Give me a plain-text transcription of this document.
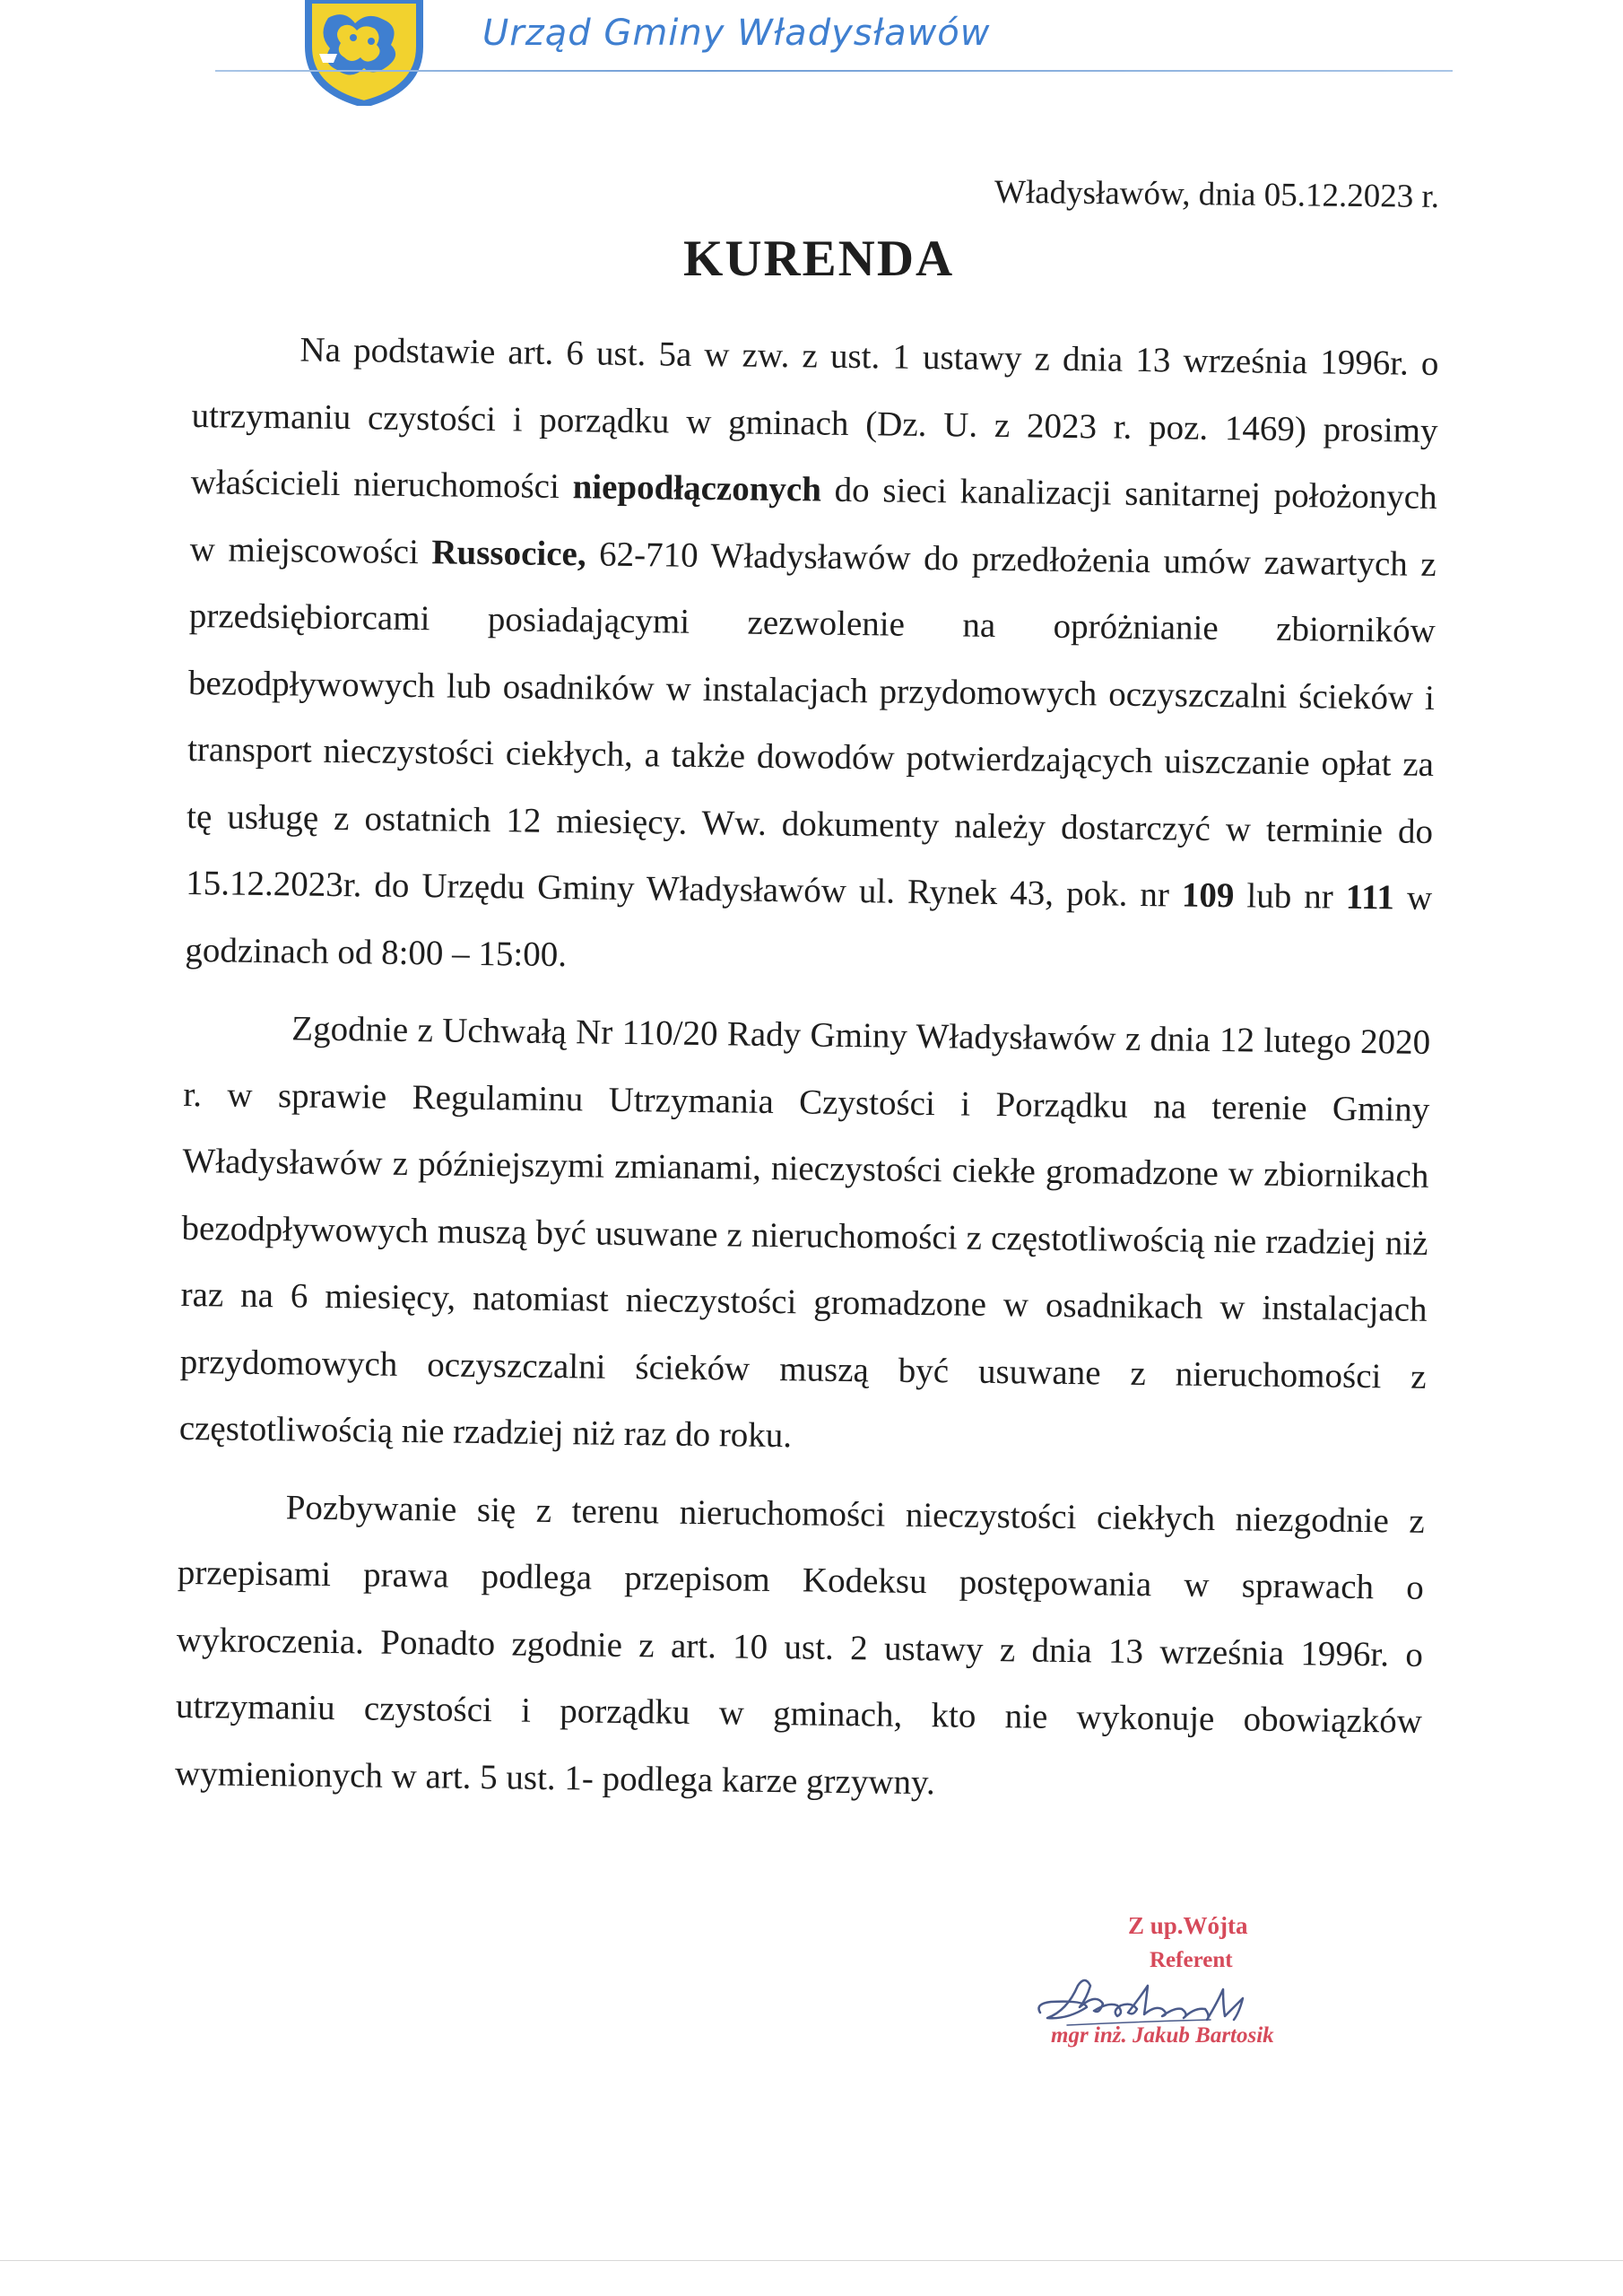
Urząd Gminy Władysławów
Władysławów, dnia 05.12.2023 r.
KURENDA

Na podstawie art. 6 ust. 5a w zw. z ust. 1 ustawy z dnia 13 września 1996r. o utrzymaniu czystości i porządku w gminach (Dz. U. z 2023 r. poz. 1469) prosimy właścicieli nieruchomości niepodłączonych do sieci kanalizacji sanitarnej położonych w miejscowości Russocice, 62-710 Władysławów do przedłożenia umów zawartych z przedsiębiorcami posiadającymi zezwolenie na opróżnianie zbiorników bezodpływowych lub osadników w instalacjach przydomowych oczyszczalni ścieków i transport nieczystości ciekłych, a także dowodów potwierdzających uiszczanie opłat za tę usługę z ostatnich 12 miesięcy. Ww. dokumenty należy dostarczyć w terminie do 15.12.2023r. do Urzędu Gminy Władysławów ul. Rynek 43, pok. nr 109 lub nr 111 w godzinach od 8:00 – 15:00.

Zgodnie z Uchwałą Nr 110/20 Rady Gminy Władysławów z dnia 12 lutego 2020 r. w sprawie Regulaminu Utrzymania Czystości i Porządku na terenie Gminy Władysławów z późniejszymi zmianami, nieczystości ciekłe gromadzone w zbiornikach bezodpływowych muszą być usuwane z nieruchomości z częstotliwością nie rzadziej niż raz na 6 miesięcy, natomiast nieczystości gromadzone w osadnikach w instalacjach przydomowych oczyszczalni ścieków muszą być usuwane z nieruchomości z częstotliwością nie rzadziej niż raz do roku.

Pozbywanie się z terenu nieruchomości nieczystości ciekłych niezgodnie z przepisami prawa podlega przepisom Kodeksu postępowania w sprawach o wykroczenia. Ponadto zgodnie z art. 10 ust. 2 ustawy z dnia 13 września 1996r. o utrzymaniu czystości i porządku w gminach, kto nie wykonuje obowiązków wymienionych w art. 5 ust. 1- podlega karze grzywny.

Z up.Wójta
Referent
mgr inż. Jakub Bartosik
